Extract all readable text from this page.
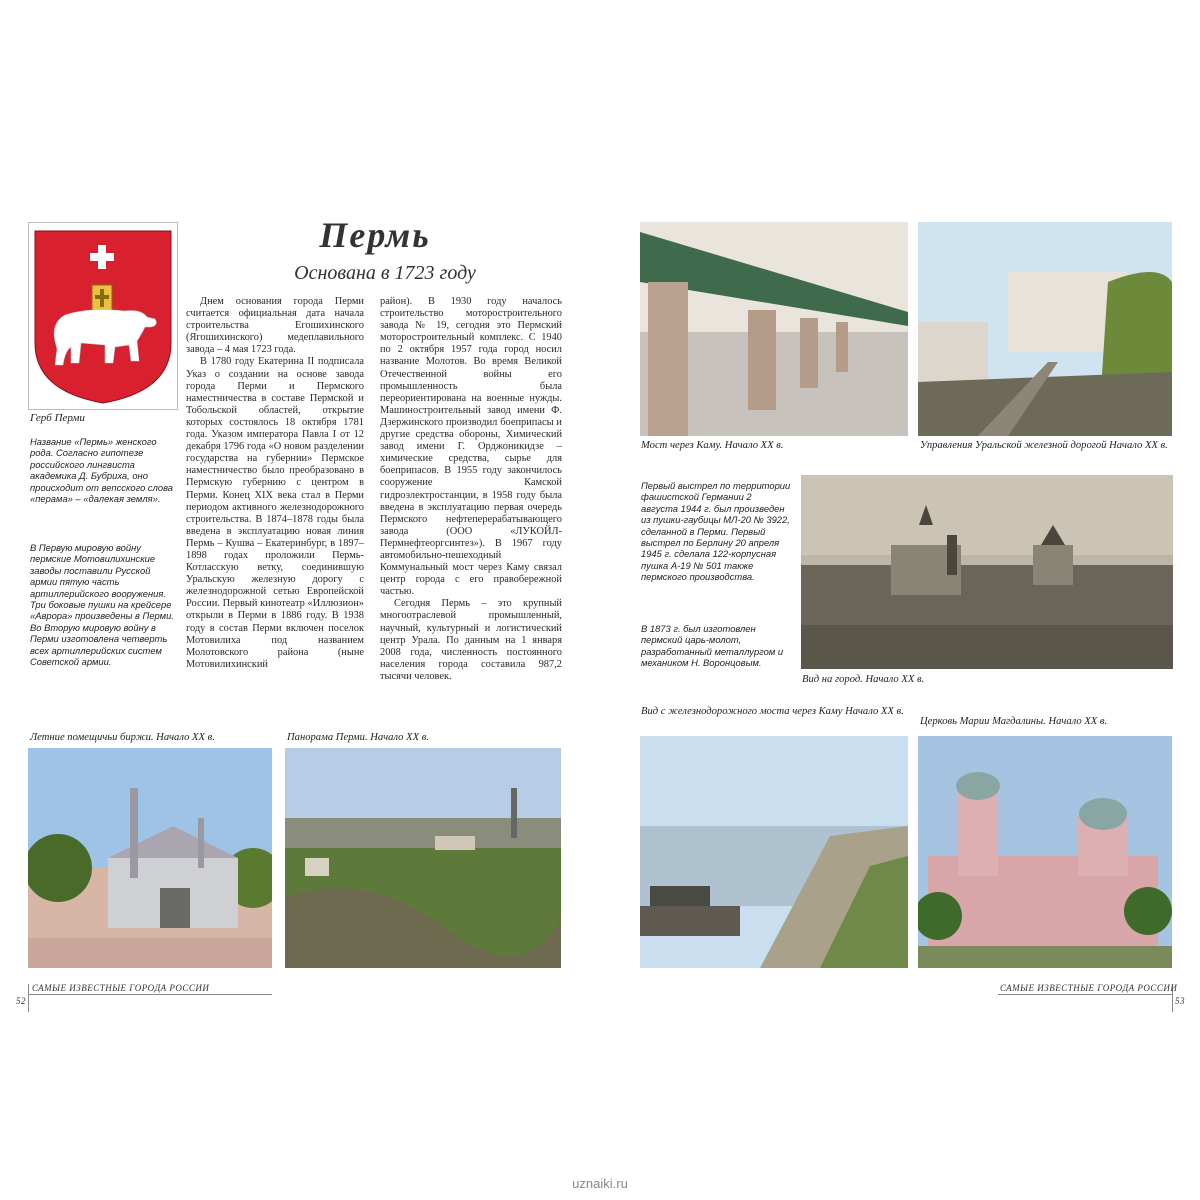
Герб Перми
Название «Пермь» женского рода. Согласно гипотезе российского лингвиста академика Д. Бубриха, оно происходит от вепсского слова «перама» – «далекая земля».
В Первую мировую войну пермские Мотовилихинские заводы поставили Русской армии пятую часть артиллерийского вооружения. Три боковые пушки на крейсере «Аврора» произведены в Перми. Во Вторую мировую войну в Перми изготовлена четверть всех артиллерийских систем Советской армии.
Пермь
Основана в 1723 году

Днем основания города Перми считается официальная дата начала строительства Егошихинского (Ягошихинского) медеплавильного завода – 4 мая 1723 года.

В 1780 году Екатерина II подписала Указ о создании на основе завода города Перми и Пермского наместничества в составе Пермской и Тобольской областей, открытие которых состоялось 18 октября 1781 года. Указом императора Павла I от 12 декабря 1796 года «О новом разделении государства на губернии» Пермское наместничество было преобразовано в Пермскую губернию с центром в Перми. Конец XIX века стал в Перми периодом активного железнодорожного строительства. В 1874–1878 годы была введена в эксплуатацию новая линия Пермь – Кушва – Екатеринбург, в 1897–1898 годах проложили Пермь-Котласскую ветку, соединившую Уральскую железную дорогу с железнодорожной сетью Европейской России. Первый кинотеатр «Иллюзион» открыли в Перми в 1886 году. В 1938 году в состав Перми включен поселок Мотовилиха под названием Молотовского района (ныне Мотовилихинский

район). В 1930 году началось строительство моторостроительного завода № 19, сегодня это Пермский моторостроительный комплекс. С 1940 по 2 октября 1957 года город носил название Молотов. Во время Великой Отечественной войны его промышленность была переориентирована на военные нужды. Машиностроительный завод имени Ф. Дзержинского производил боеприпасы и другие средства обороны, Химический завод имени Г. Орджоникидзе – химические средства, сырье для боеприпасов. В 1955 году закончилось сооружение Камской гидроэлектростанции, в 1958 году была введена в эксплуатацию первая очередь Пермского нефтеперерабатывающего завода (ООО «ЛУКОЙЛ-Пермнефтеоргсинтез»). В 1967 году автомобильно-пешеходный Коммунальный мост через Каму связал центр города с его правобережной частью.

Сегодня Пермь – это крупный многоотраслевой промышленный, научный, культурный и логистический центр Урала. По данным на 1 января 2008 года, численность постоянного населения города составила 987,2 тысячи человек.

Летние помещичьи биржи. Начало XX в.	Панорама Перми. Начало XX в.
Мост через Каму. Начало XX в.	Управления Уральской железной дорогой Начало XX в.
Первый выстрел по территории фашистской Германии 2 августа 1944 г. был произведен из пушки-гаубицы МЛ-20 № 3922, сделанной в Перми. Первый выстрел по Берлину 20 апреля 1945 г. сделала 122-корпусная пушка А-19 № 501 также пермского производства.
В 1873 г. был изготовлен пермский царь-молот, разработанный металлургом и механиком Н. Воронцовым.
Вид на город. Начало XX в.
Вид с железнодорожного моста через Каму Начало XX в.
Церковь Марии Магдалины. Начало XX в.
52
САМЫЕ ИЗВЕСТНЫЕ ГОРОДА РОССИИ	САМЫЕ ИЗВЕСТНЫЕ ГОРОДА РОССИИ
53
uznaiki.ru
